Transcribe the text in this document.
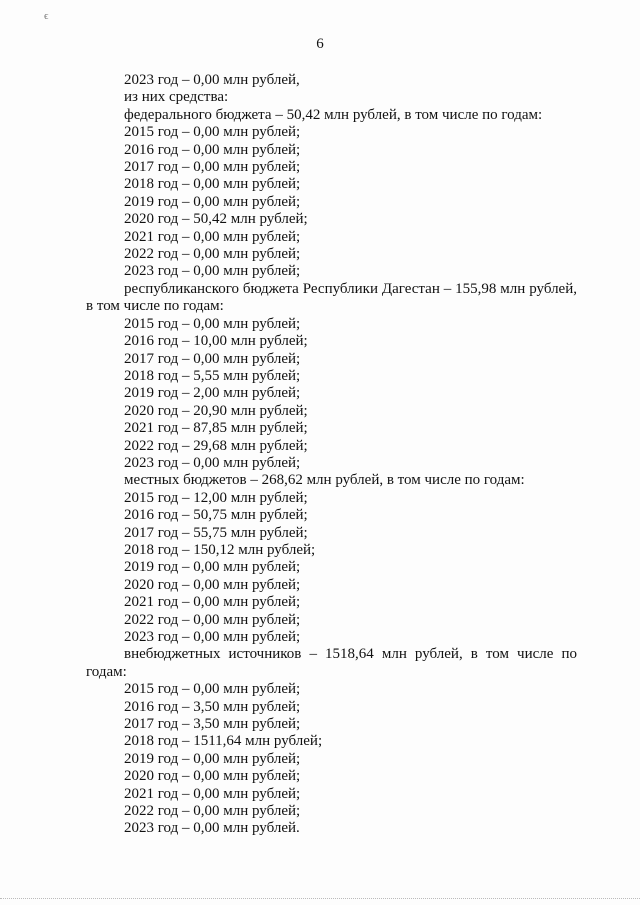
ϵ
6
2023 год – 0,00 млн рублей,
из них средства:
федерального бюджета – 50,42 млн рублей, в том числе по годам:
2015 год – 0,00 млн рублей;
2016 год – 0,00 млн рублей;
2017 год – 0,00 млн рублей;
2018 год – 0,00 млн рублей;
2019 год – 0,00 млн рублей;
2020 год – 50,42 млн рублей;
2021 год – 0,00 млн рублей;
2022 год – 0,00 млн рублей;
2023 год – 0,00 млн рублей;
республиканского бюджета Республики Дагестан – 155,98 млн рублей, в том числе по годам:
2015 год – 0,00 млн рублей;
2016 год – 10,00 млн рублей;
2017 год – 0,00 млн рублей;
2018 год – 5,55 млн рублей;
2019 год – 2,00 млн рублей;
2020 год – 20,90 млн рублей;
2021 год – 87,85 млн рублей;
2022 год – 29,68 млн рублей;
2023 год – 0,00 млн рублей;
местных бюджетов – 268,62 млн рублей, в том числе по годам:
2015 год – 12,00 млн рублей;
2016 год – 50,75 млн рублей;
2017 год – 55,75 млн рублей;
2018 год – 150,12 млн рублей;
2019 год – 0,00 млн рублей;
2020 год – 0,00 млн рублей;
2021 год – 0,00 млн рублей;
2022 год – 0,00 млн рублей;
2023 год – 0,00 млн рублей;
внебюджетных источников – 1518,64 млн рублей, в том числе по годам:
2015 год – 0,00 млн рублей;
2016 год – 3,50 млн рублей;
2017 год – 3,50 млн рублей;
2018 год – 1511,64 млн рублей;
2019 год – 0,00 млн рублей;
2020 год – 0,00 млн рублей;
2021 год – 0,00 млн рублей;
2022 год – 0,00 млн рублей;
2023 год – 0,00 млн рублей.
